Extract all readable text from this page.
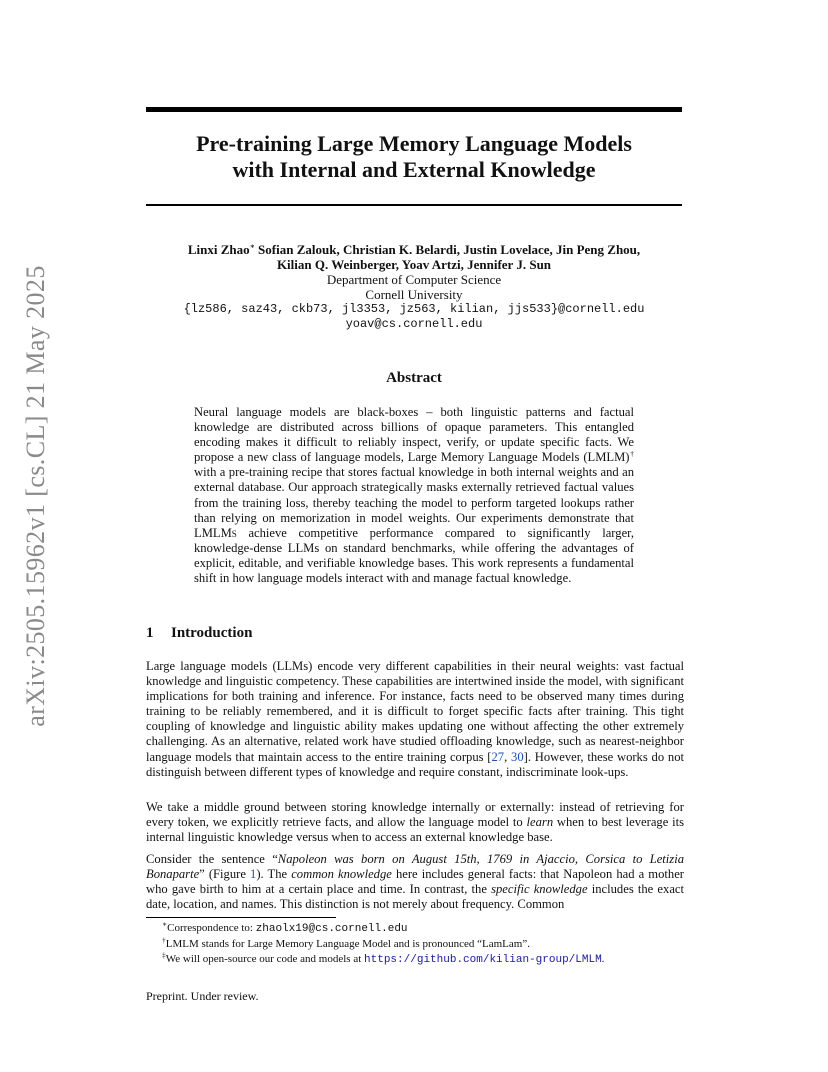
arXiv:2505.15962v1 [cs.CL] 21 May 2025
Pre-training Large Memory Language Models
with Internal and External Knowledge
Linxi Zhao∗ Sofian Zalouk, Christian K. Belardi, Justin Lovelace, Jin Peng Zhou,
Kilian Q. Weinberger, Yoav Artzi, Jennifer J. Sun
Department of Computer Science
Cornell University
{lz586, saz43, ckb73, jl3353, jz563, kilian, jjs533}@cornell.edu
yoav@cs.cornell.edu
Abstract
Neural language models are black-boxes – both linguistic patterns and factual knowledge are distributed across billions of opaque parameters. This entangled encoding makes it difficult to reliably inspect, verify, or update specific facts. We propose a new class of language models, Large Memory Language Models (LMLM)† with a pre-training recipe that stores factual knowledge in both internal weights and an external database. Our approach strategically masks externally retrieved factual values from the training loss, thereby teaching the model to perform targeted lookups rather than relying on memorization in model weights. Our experiments demonstrate that LMLMs achieve competitive performance compared to significantly larger, knowledge-dense LLMs on standard benchmarks, while offering the advantages of explicit, editable, and verifiable knowledge bases. This work represents a fundamental shift in how language models interact with and manage factual knowledge.
1 Introduction

Large language models (LLMs) encode very different capabilities in their neural weights: vast factual knowledge and linguistic competency. These capabilities are intertwined inside the model, with significant implications for both training and inference. For instance, facts need to be observed many times during training to be reliably remembered, and it is difficult to forget specific facts after training. This tight coupling of knowledge and linguistic ability makes updating one without affecting the other extremely challenging. As an alternative, related work have studied offloading knowledge, such as nearest-neighbor language models that maintain access to the entire training corpus [27, 30]. However, these works do not distinguish between different types of knowledge and require constant, indiscriminate look-ups.

We take a middle ground between storing knowledge internally or externally: instead of retrieving for every token, we explicitly retrieve facts, and allow the language model to learn when to best leverage its internal linguistic knowledge versus when to access an external knowledge base.

Consider the sentence “Napoleon was born on August 15th, 1769 in Ajaccio, Corsica to Letizia Bonaparte” (Figure 1). The common knowledge here includes general facts: that Napoleon had a mother who gave birth to him at a certain place and time. In contrast, the specific knowledge includes the exact date, location, and names. This distinction is not merely about frequency. Common

∗Correspondence to: zhaolx19@cs.cornell.edu

†LMLM stands for Large Memory Language Model and is pronounced “LamLam”.

‡We will open-source our code and models at https://github.com/kilian-group/LMLM.

Preprint. Under review.
